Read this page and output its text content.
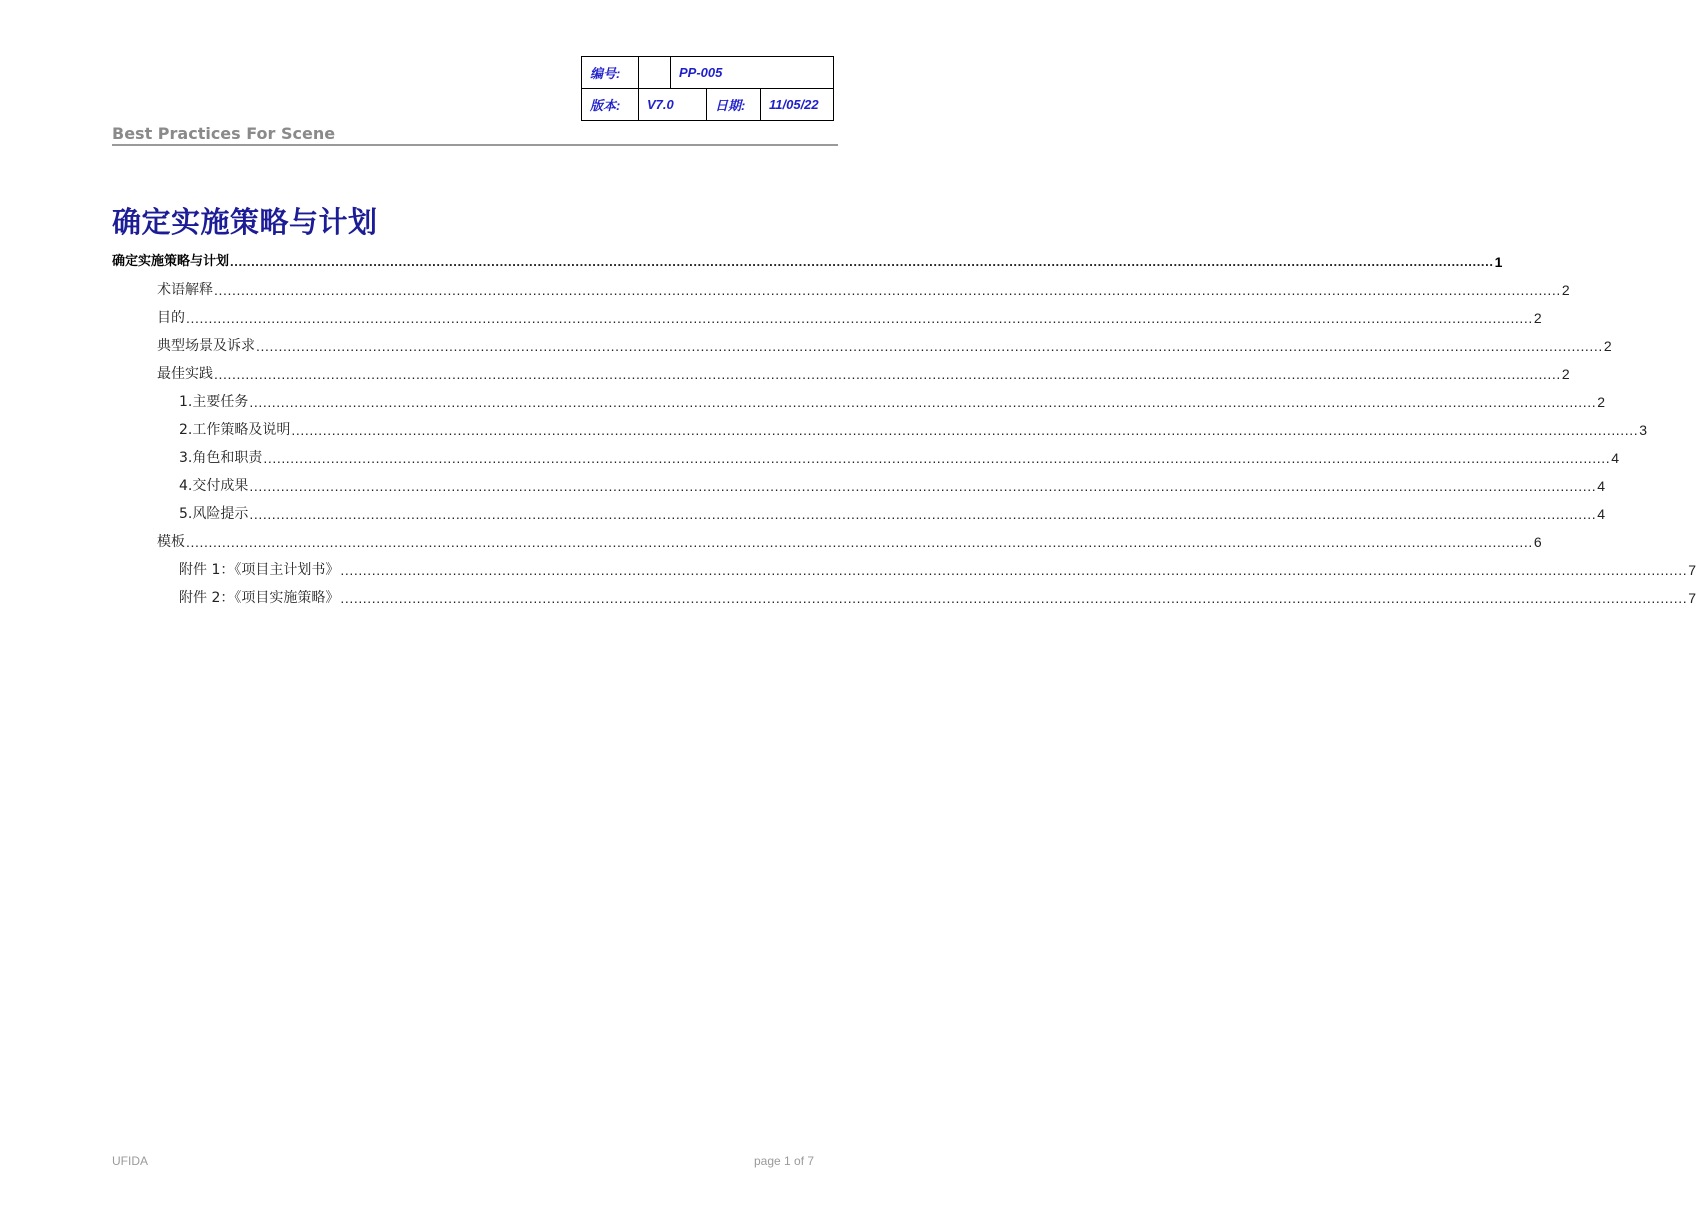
编号:		PP-005		
版本:	V7.0		日期:	11/05/22
Best Practices For Scene
确定实施策略与计划
确定实施策略与计划 ............................................................................................................................................................................................................................................................................................................ 1
术语解释 ............................................................................................................................................................................................................................................................................................................ 2
目的 ............................................................................................................................................................................................................................................................................................................ 2
典型场景及诉求 ............................................................................................................................................................................................................................................................................................................ 2
最佳实践 ............................................................................................................................................................................................................................................................................................................ 2
1. 主要任务 ............................................................................................................................................................................................................................................................................................................ 2
2. 工作策略及说明 ............................................................................................................................................................................................................................................................................................................ 3
3. 角色和职责 ............................................................................................................................................................................................................................................................................................................ 4
4. 交付成果 ............................................................................................................................................................................................................................................................................................................ 4
5. 风险提示 ............................................................................................................................................................................................................................................................................................................ 4
模板 ............................................................................................................................................................................................................................................................................................................ 6
附件 1：《项目主计划书》 ............................................................................................................................................................................................................................................................................................................ 7
附件 2：《项目实施策略》 ............................................................................................................................................................................................................................................................................................................ 7
UFIDA	page 1 of 7
